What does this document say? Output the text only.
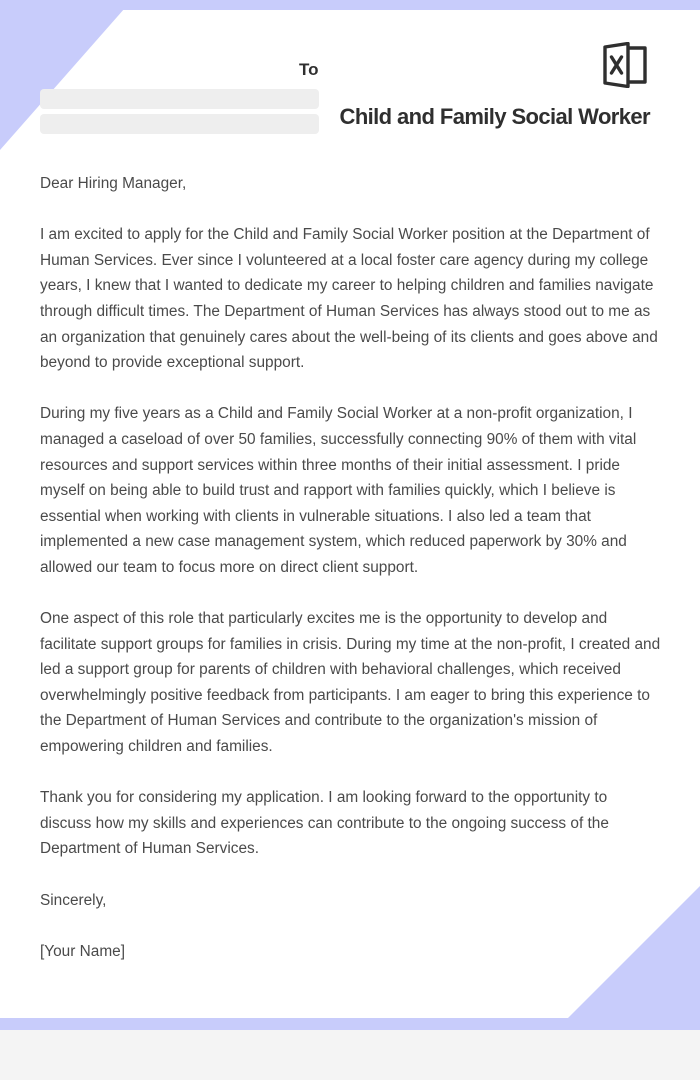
To
Child and Family Social Worker

Dear Hiring Manager,

I am excited to apply for the Child and Family Social Worker position at the Department of Human Services. Ever since I volunteered at a local foster care agency during my college years, I knew that I wanted to dedicate my career to helping children and families navigate through difficult times. The Department of Human Services has always stood out to me as an organization that genuinely cares about the well-being of its clients and goes above and beyond to provide exceptional support.

During my five years as a Child and Family Social Worker at a non-profit organization, I managed a caseload of over 50 families, successfully connecting 90% of them with vital resources and support services within three months of their initial assessment. I pride myself on being able to build trust and rapport with families quickly, which I believe is essential when working with clients in vulnerable situations. I also led a team that implemented a new case management system, which reduced paperwork by 30% and allowed our team to focus more on direct client support.

One aspect of this role that particularly excites me is the opportunity to develop and facilitate support groups for families in crisis. During my time at the non-profit, I created and led a support group for parents of children with behavioral challenges, which received overwhelmingly positive feedback from participants. I am eager to bring this experience to the Department of Human Services and contribute to the organization's mission of empowering children and families.

Thank you for considering my application. I am looking forward to the opportunity to discuss how my skills and experiences can contribute to the ongoing success of the Department of Human Services.

Sincerely,

[Your Name]
